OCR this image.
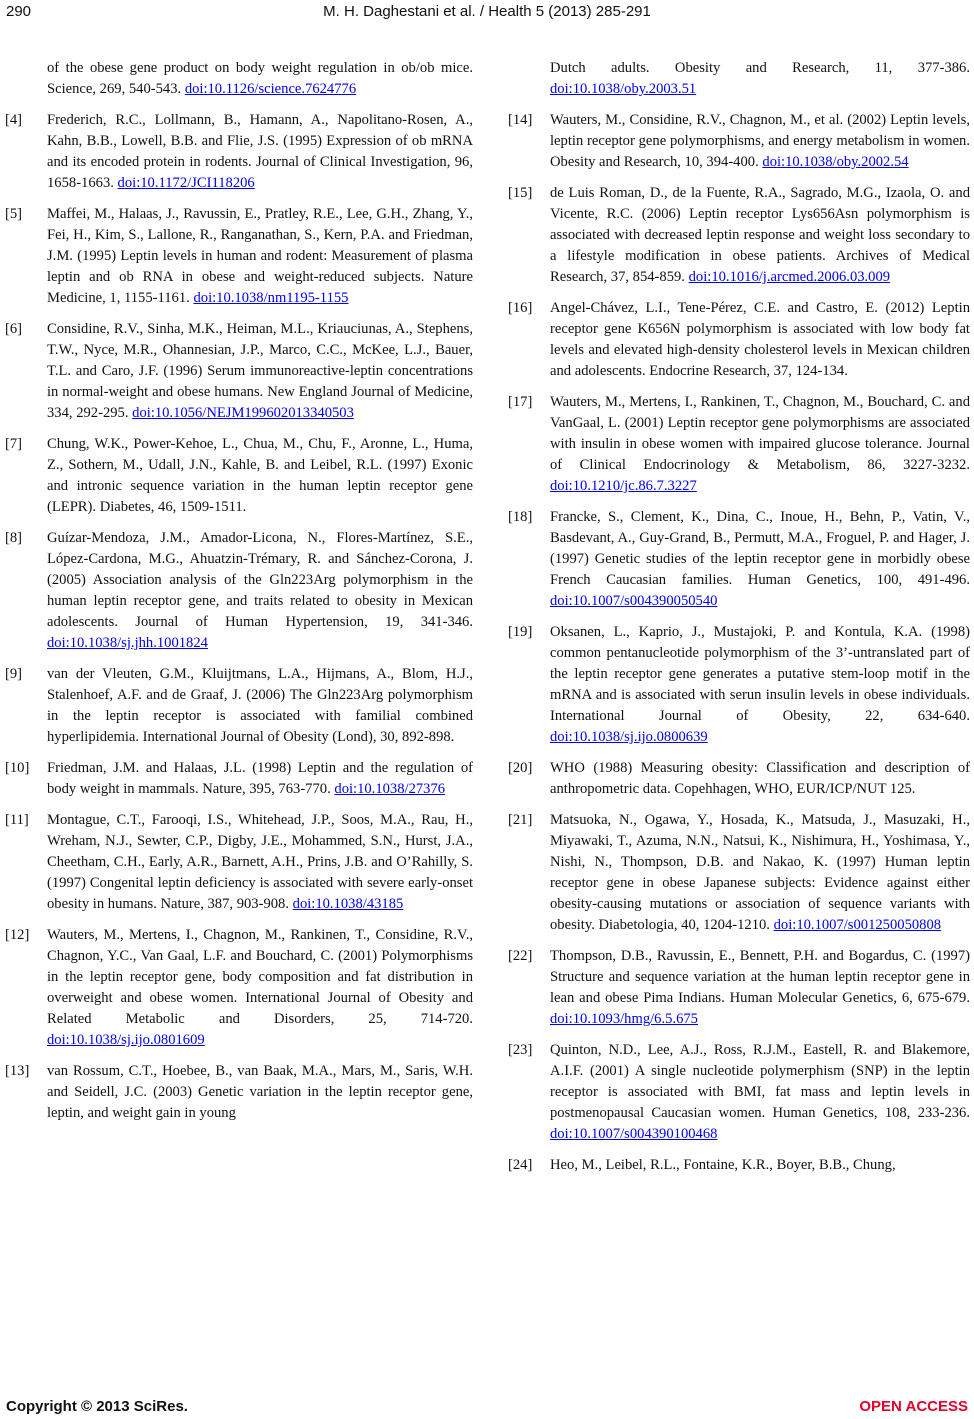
290	M. H. Daghestani et al. / Health 5 (2013) 285-291
of the obese gene product on body weight regulation in ob/ob mice. Science, 269, 540-543. doi:10.1126/science.7624776
[4] Frederich, R.C., Lollmann, B., Hamann, A., Napolitano-Rosen, A., Kahn, B.B., Lowell, B.B. and Flie, J.S. (1995) Expression of ob mRNA and its encoded protein in rodents. Journal of Clinical Investigation, 96, 1658-1663. doi:10.1172/JCI118206
[5] Maffei, M., Halaas, J., Ravussin, E., Pratley, R.E., Lee, G.H., Zhang, Y., Fei, H., Kim, S., Lallone, R., Ranganathan, S., Kern, P.A. and Friedman, J.M. (1995) Leptin levels in human and rodent: Measurement of plasma leptin and ob RNA in obese and weight-reduced subjects. Nature Medicine, 1, 1155-1161. doi:10.1038/nm1195-1155
[6] Considine, R.V., Sinha, M.K., Heiman, M.L., Kriauciunas, A., Stephens, T.W., Nyce, M.R., Ohannesian, J.P., Marco, C.C., McKee, L.J., Bauer, T.L. and Caro, J.F. (1996) Serum immunoreactive-leptin concentrations in normal-weight and obese humans. New England Journal of Medicine, 334, 292-295. doi:10.1056/NEJM199602013340503
[7] Chung, W.K., Power-Kehoe, L., Chua, M., Chu, F., Aronne, L., Huma, Z., Sothern, M., Udall, J.N., Kahle, B. and Leibel, R.L. (1997) Exonic and intronic sequence variation in the human leptin receptor gene (LEPR). Diabetes, 46, 1509-1511.
[8] Guízar-Mendoza, J.M., Amador-Licona, N., Flores-Martínez, S.E., López-Cardona, M.G., Ahuatzin-Trémary, R. and Sánchez-Corona, J. (2005) Association analysis of the Gln223Arg polymorphism in the human leptin receptor gene, and traits related to obesity in Mexican adolescents. Journal of Human Hypertension, 19, 341-346. doi:10.1038/sj.jhh.1001824
[9] van der Vleuten, G.M., Kluijtmans, L.A., Hijmans, A., Blom, H.J., Stalenhoef, A.F. and de Graaf, J. (2006) The Gln223Arg polymorphism in the leptin receptor is associated with familial combined hyperlipidemia. International Journal of Obesity (Lond), 30, 892-898.
[10] Friedman, J.M. and Halaas, J.L. (1998) Leptin and the regulation of body weight in mammals. Nature, 395, 763-770. doi:10.1038/27376
[11] Montague, C.T., Farooqi, I.S., Whitehead, J.P., Soos, M.A., Rau, H., Wreham, N.J., Sewter, C.P., Digby, J.E., Mohammed, S.N., Hurst, J.A., Cheetham, C.H., Early, A.R., Barnett, A.H., Prins, J.B. and O’Rahilly, S. (1997) Congenital leptin deficiency is associated with severe early-onset obesity in humans. Nature, 387, 903-908. doi:10.1038/43185
[12] Wauters, M., Mertens, I., Chagnon, M., Rankinen, T., Considine, R.V., Chagnon, Y.C., Van Gaal, L.F. and Bouchard, C. (2001) Polymorphisms in the leptin receptor gene, body composition and fat distribution in overweight and obese women. International Journal of Obesity and Related Metabolic and Disorders, 25, 714-720. doi:10.1038/sj.ijo.0801609
[13] van Rossum, C.T., Hoebee, B., van Baak, M.A., Mars, M., Saris, W.H. and Seidell, J.C. (2003) Genetic variation in the leptin receptor gene, leptin, and weight gain in young
Dutch adults. Obesity and Research, 11, 377-386. doi:10.1038/oby.2003.51
[14] Wauters, M., Considine, R.V., Chagnon, M., et al. (2002) Leptin levels, leptin receptor gene polymorphisms, and energy metabolism in women. Obesity and Research, 10, 394-400. doi:10.1038/oby.2002.54
[15] de Luis Roman, D., de la Fuente, R.A., Sagrado, M.G., Izaola, O. and Vicente, R.C. (2006) Leptin receptor Lys656Asn polymorphism is associated with decreased leptin response and weight loss secondary to a lifestyle modification in obese patients. Archives of Medical Research, 37, 854-859. doi:10.1016/j.arcmed.2006.03.009
[16] Angel-Chávez, L.I., Tene-Pérez, C.E. and Castro, E. (2012) Leptin receptor gene K656N polymorphism is associated with low body fat levels and elevated high-density cholesterol levels in Mexican children and adolescents. Endocrine Research, 37, 124-134.
[17] Wauters, M., Mertens, I., Rankinen, T., Chagnon, M., Bouchard, C. and VanGaal, L. (2001) Leptin receptor gene polymorphisms are associated with insulin in obese women with impaired glucose tolerance. Journal of Clinical Endocrinology & Metabolism, 86, 3227-3232. doi:10.1210/jc.86.7.3227
[18] Francke, S., Clement, K., Dina, C., Inoue, H., Behn, P., Vatin, V., Basdevant, A., Guy-Grand, B., Permutt, M.A., Froguel, P. and Hager, J. (1997) Genetic studies of the leptin receptor gene in morbidly obese French Caucasian families. Human Genetics, 100, 491-496. doi:10.1007/s004390050540
[19] Oksanen, L., Kaprio, J., Mustajoki, P. and Kontula, K.A. (1998) common pentanucleotide polymorphism of the 3’-untranslated part of the leptin receptor gene generates a putative stem-loop motif in the mRNA and is associated with serun insulin levels in obese individuals. International Journal of Obesity, 22, 634-640. doi:10.1038/sj.ijo.0800639
[20] WHO (1988) Measuring obesity: Classification and description of anthropometric data. Copehhagen, WHO, EUR/ICP/NUT 125.
[21] Matsuoka, N., Ogawa, Y., Hosada, K., Matsuda, J., Masuzaki, H., Miyawaki, T., Azuma, N.N., Natsui, K., Nishimura, H., Yoshimasa, Y., Nishi, N., Thompson, D.B. and Nakao, K. (1997) Human leptin receptor gene in obese Japanese subjects: Evidence against either obesity-causing mutations or association of sequence variants with obesity. Diabetologia, 40, 1204-1210. doi:10.1007/s001250050808
[22] Thompson, D.B., Ravussin, E., Bennett, P.H. and Bogardus, C. (1997) Structure and sequence variation at the human leptin receptor gene in lean and obese Pima Indians. Human Molecular Genetics, 6, 675-679. doi:10.1093/hmg/6.5.675
[23] Quinton, N.D., Lee, A.J., Ross, R.J.M., Eastell, R. and Blakemore, A.I.F. (2001) A single nucleotide polymerphism (SNP) in the leptin receptor is associated with BMI, fat mass and leptin levels in postmenopausal Caucasian women. Human Genetics, 108, 233-236. doi:10.1007/s004390100468
[24] Heo, M., Leibel, R.L., Fontaine, K.R., Boyer, B.B., Chung,
Copyright © 2013 SciRes.	OPEN ACCESS
